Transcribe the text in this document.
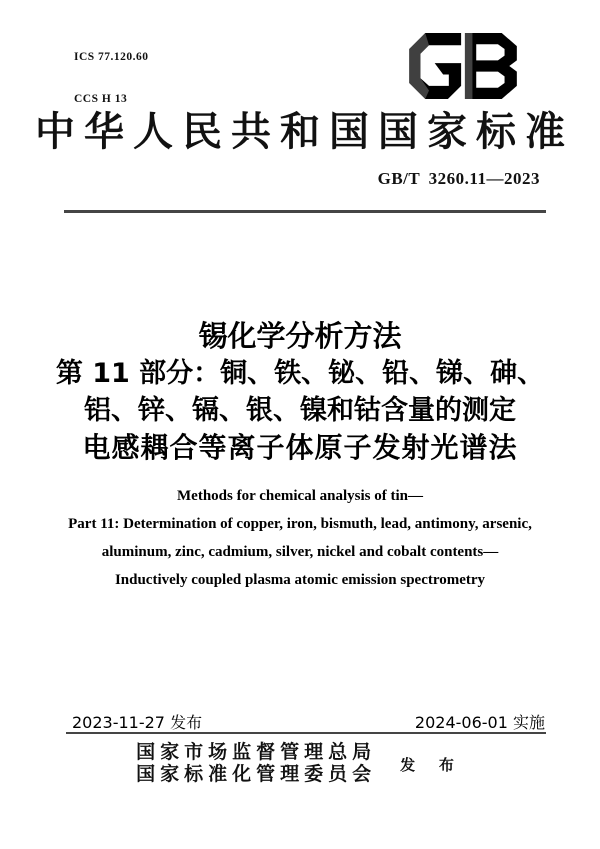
ICS 77.120.60

CCS H 13

中华人民共和国国家标准
GB/T 3260.11—2023
锡化学分析方法
第 11 部分：铜、铁、铋、铅、锑、砷、
铝、锌、镉、银、镍和钴含量的测定
电感耦合等离子体原子发射光谱法
Methods for chemical analysis of tin—
Part 11: Determination of copper, iron, bismuth, lead, antimony, arsenic,
aluminum, zinc, cadmium, silver, nickel and cobalt contents—
Inductively coupled plasma atomic emission spectrometry
2023-11-27 发布	2024-06-01 实施
国家市场监督管理总局
国家标准化管理委员会 发 布
